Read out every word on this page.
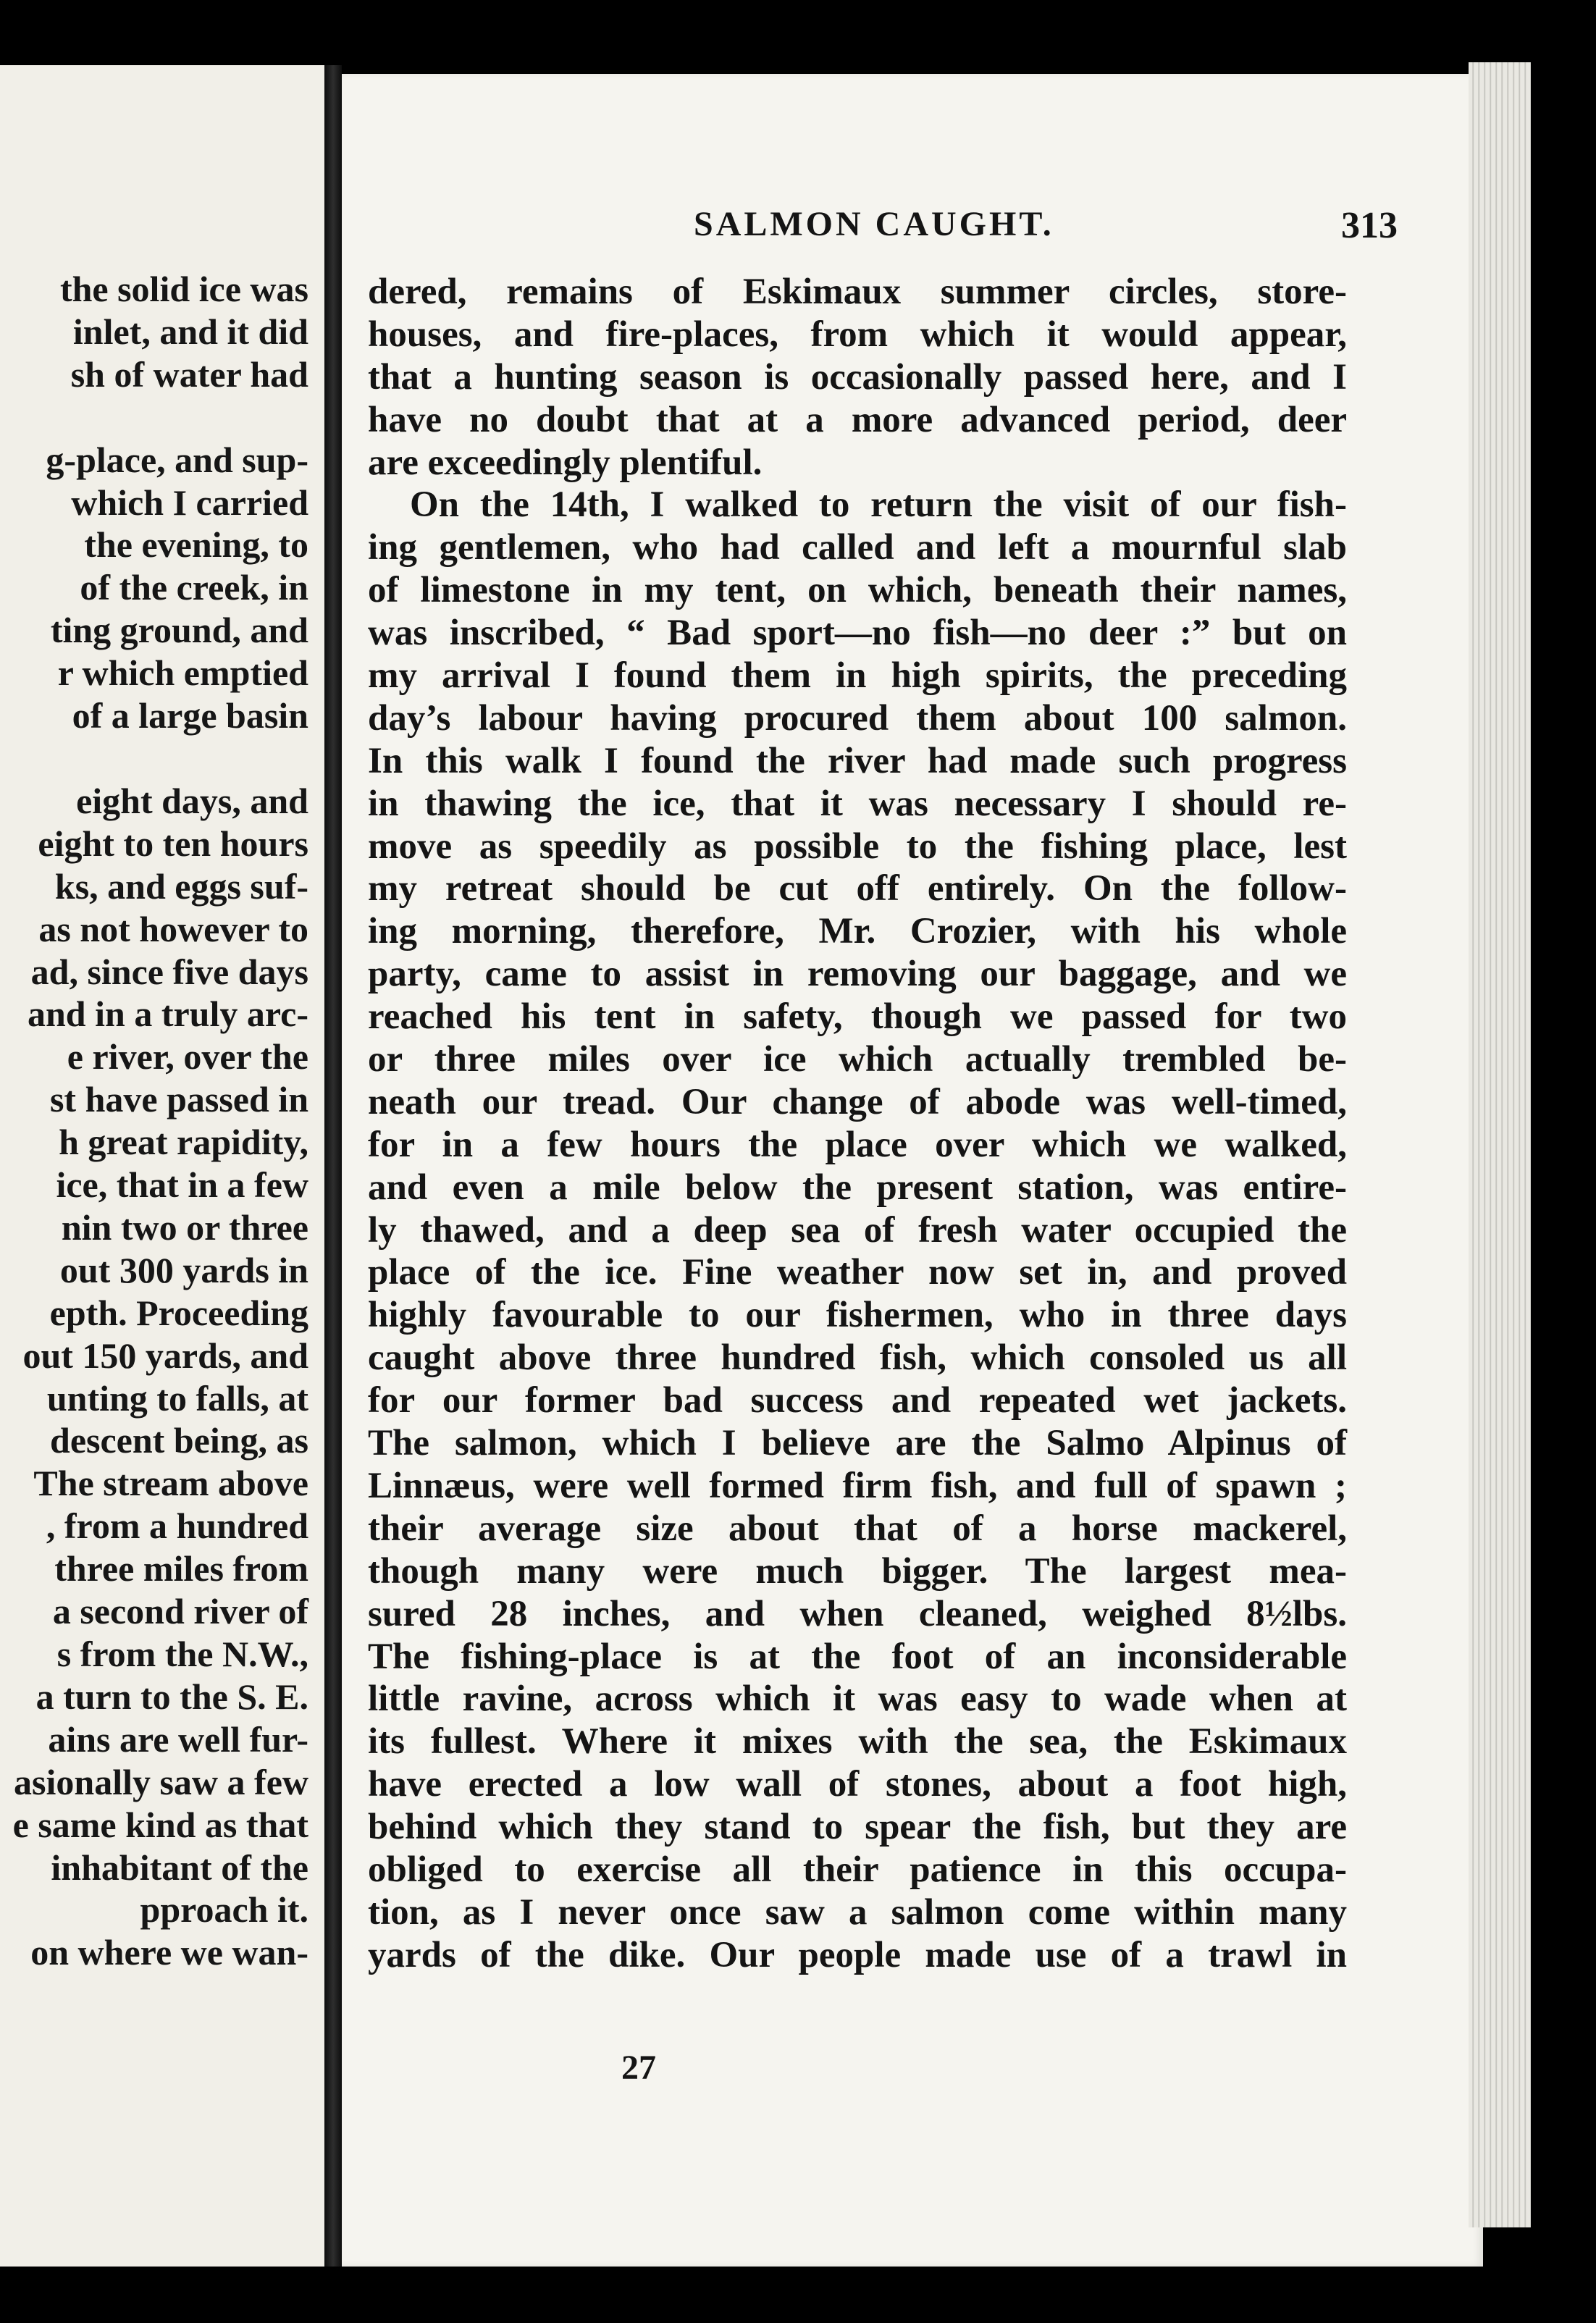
the solid ice was
inlet, and it did
sh of water had

g-place, and sup-
which I carried
the evening, to
of the creek, in
ting ground, and
r which emptied
of a large basin

eight days, and
eight to ten hours
ks, and eggs suf-
as not however to
ad, since five days
and in a truly arc-
e river, over the
st have passed in
h great rapidity,
ice, that in a few
nin two or three
out 300 yards in
epth. Proceeding
out 150 yards, and
unting to falls, at
descent being, as
The stream above
, from a hundred
three miles from
a second river of
s from the N.W.,
a turn to the S. E.
ains are well fur-
asionally saw a few
e same kind as that
inhabitant of the
pproach it.
on where we wan-
SALMON CAUGHT.	313
dered, remains of Eskimaux summer circles, store-
houses, and fire-places, from which it would appear,
that a hunting season is occasionally passed here, and I
have no doubt that at a more advanced period, deer
are exceedingly plentiful.
On the 14th, I walked to return the visit of our fish-
ing gentlemen, who had called and left a mournful slab
of limestone in my tent, on which, beneath their names,
was inscribed, “ Bad sport—no fish—no deer :” but on
my arrival I found them in high spirits, the preceding
day’s labour having procured them about 100 salmon.
In this walk I found the river had made such progress
in thawing the ice, that it was necessary I should re-
move as speedily as possible to the fishing place, lest
my retreat should be cut off entirely. On the follow-
ing morning, therefore, Mr. Crozier, with his whole
party, came to assist in removing our baggage, and we
reached his tent in safety, though we passed for two
or three miles over ice which actually trembled be-
neath our tread. Our change of abode was well-timed,
for in a few hours the place over which we walked,
and even a mile below the present station, was entire-
ly thawed, and a deep sea of fresh water occupied the
place of the ice. Fine weather now set in, and proved
highly favourable to our fishermen, who in three days
caught above three hundred fish, which consoled us all
for our former bad success and repeated wet jackets.
The salmon, which I believe are the Salmo Alpinus of
Linnæus, were well formed firm fish, and full of spawn ;
their average size about that of a horse mackerel,
though many were much bigger. The largest mea-
sured 28 inches, and when cleaned, weighed 8½lbs.
The fishing-place is at the foot of an inconsiderable
little ravine, across which it was easy to wade when at
its fullest. Where it mixes with the sea, the Eskimaux
have erected a low wall of stones, about a foot high,
behind which they stand to spear the fish, but they are
obliged to exercise all their patience in this occupa-
tion, as I never once saw a salmon come within many
yards of the dike. Our people made use of a trawl in
27
